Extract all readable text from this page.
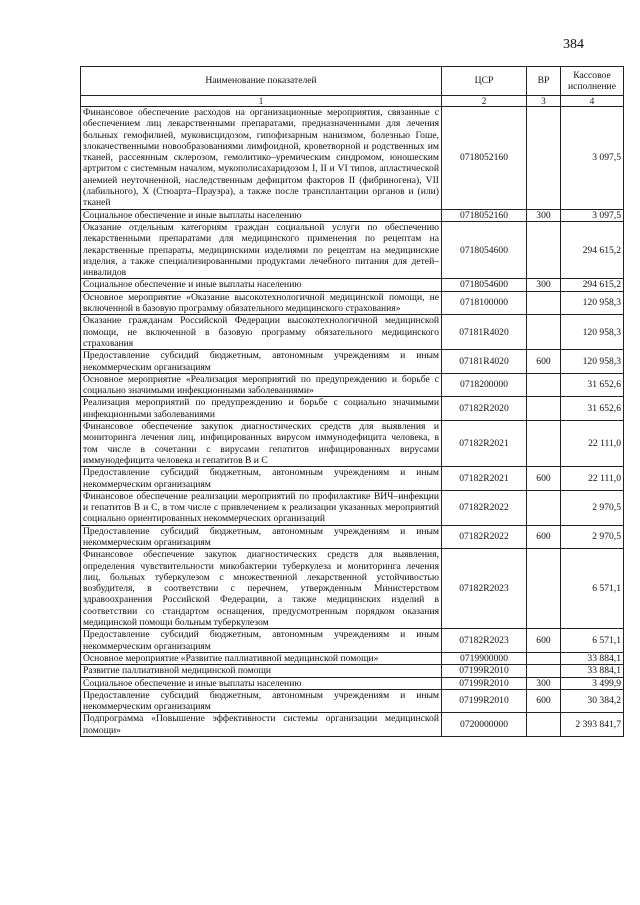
384
Наименование показателей	ЦСР	ВР	Кассовое исполнение
1	2	3	4
Финансовое обеспечение расходов на организационные мероприятия, связанные с обеспечением лиц лекарственными препаратами, предназначенными для лечения больных гемофилией, муковисцидозом, гипофизарным нанизмом, болезнью Гоше, злокачественными новообразованиями лимфоидной, кроветворной и родственных им тканей, рассеянным склерозом, гемолитико–уремическим синдромом, юношеским артритом с системным началом, мукополисахаридозом I, II и VI типов, апластической анемией неуточненной, наследственным дефицитом факторов II (фибриногена), VII (лабильного), X (Стюарта–Прауэра), а также после трансплантации органов и (или) тканей	0718052160		3 097,5
Социальное обеспечение и иные выплаты населению	0718052160	300	3 097,5
Оказание отдельным категориям граждан социальной услуги по обеспечению лекарственными препаратами для медицинского применения по рецептам на лекарственные препараты, медицинскими изделиями по рецептам на медицинские изделия, а также специализированными продуктами лечебного питания для детей–инвалидов	0718054600		294 615,2
Социальное обеспечение и иные выплаты населению	0718054600	300	294 615,2
Основное мероприятие «Оказание высокотехнологичной медицинской помощи, не включенной в базовую программу обязательного медицинского страхования»	0718100000		120 958,3
Оказание гражданам Российской Федерации высокотехнологичной медицинской помощи, не включенной в базовую программу обязательного медицинского страхования	07181R4020		120 958,3
Предоставление субсидий бюджетным, автономным учреждениям и иным некоммерческим организациям	07181R4020	600	120 958,3
Основное мероприятие «Реализация мероприятий по предупреждению и борьбе с социально значимыми инфекционными заболеваниями»	0718200000		31 652,6
Реализация мероприятий по предупреждению и борьбе с социально значимыми инфекционными заболеваниями	07182R2020		31 652,6
Финансовое обеспечение закупок диагностических средств для выявления и мониторинга лечения лиц, инфицированных вирусом иммунодефицита человека, в том числе в сочетании с вирусами гепатитов инфицированных вирусами иммунодефицита человека и гепатитов В и С	07182R2021		22 111,0
Предоставление субсидий бюджетным, автономным учреждениям и иным некоммерческим организациям	07182R2021	600	22 111,0
Финансовое обеспечение реализации мероприятий по профилактике ВИЧ–инфекции и гепатитов В и С, в том числе с привлечением к реализации указанных мероприятий социально ориентированных некоммерческих организаций	07182R2022		2 970,5
Предоставление субсидий бюджетным, автономным учреждениям и иным некоммерческим организациям	07182R2022	600	2 970,5
Финансовое обеспечение закупок диагностических средств для выявления, определения чувствительности микобактерии туберкулеза и мониторинга лечения лиц, больных туберкулезом с множественной лекарственной устойчивостью возбудителя, в соответствии с перечнем, утвержденным Министерством здравоохранения Российской Федерации, а также медицинских изделий в соответствии со стандартом оснащения, предусмотренным порядком оказания медицинской помощи больным туберкулезом	07182R2023		6 571,1
Предоставление субсидий бюджетным, автономным учреждениям и иным некоммерческим организациям	07182R2023	600	6 571,1
Основное мероприятие «Развитие паллиативной медицинской помощи»	0719900000		33 884,1
Развитие паллиативной медицинской помощи	07199R2010		33 884,1
Социальное обеспечение и иные выплаты населению	07199R2010	300	3 499,9
Предоставление субсидий бюджетным, автономным учреждениям и иным некоммерческим организациям	07199R2010	600	30 384,2
Подпрограмма «Повышение эффективности системы организации медицинской помощи»	0720000000		2 393 841,7
